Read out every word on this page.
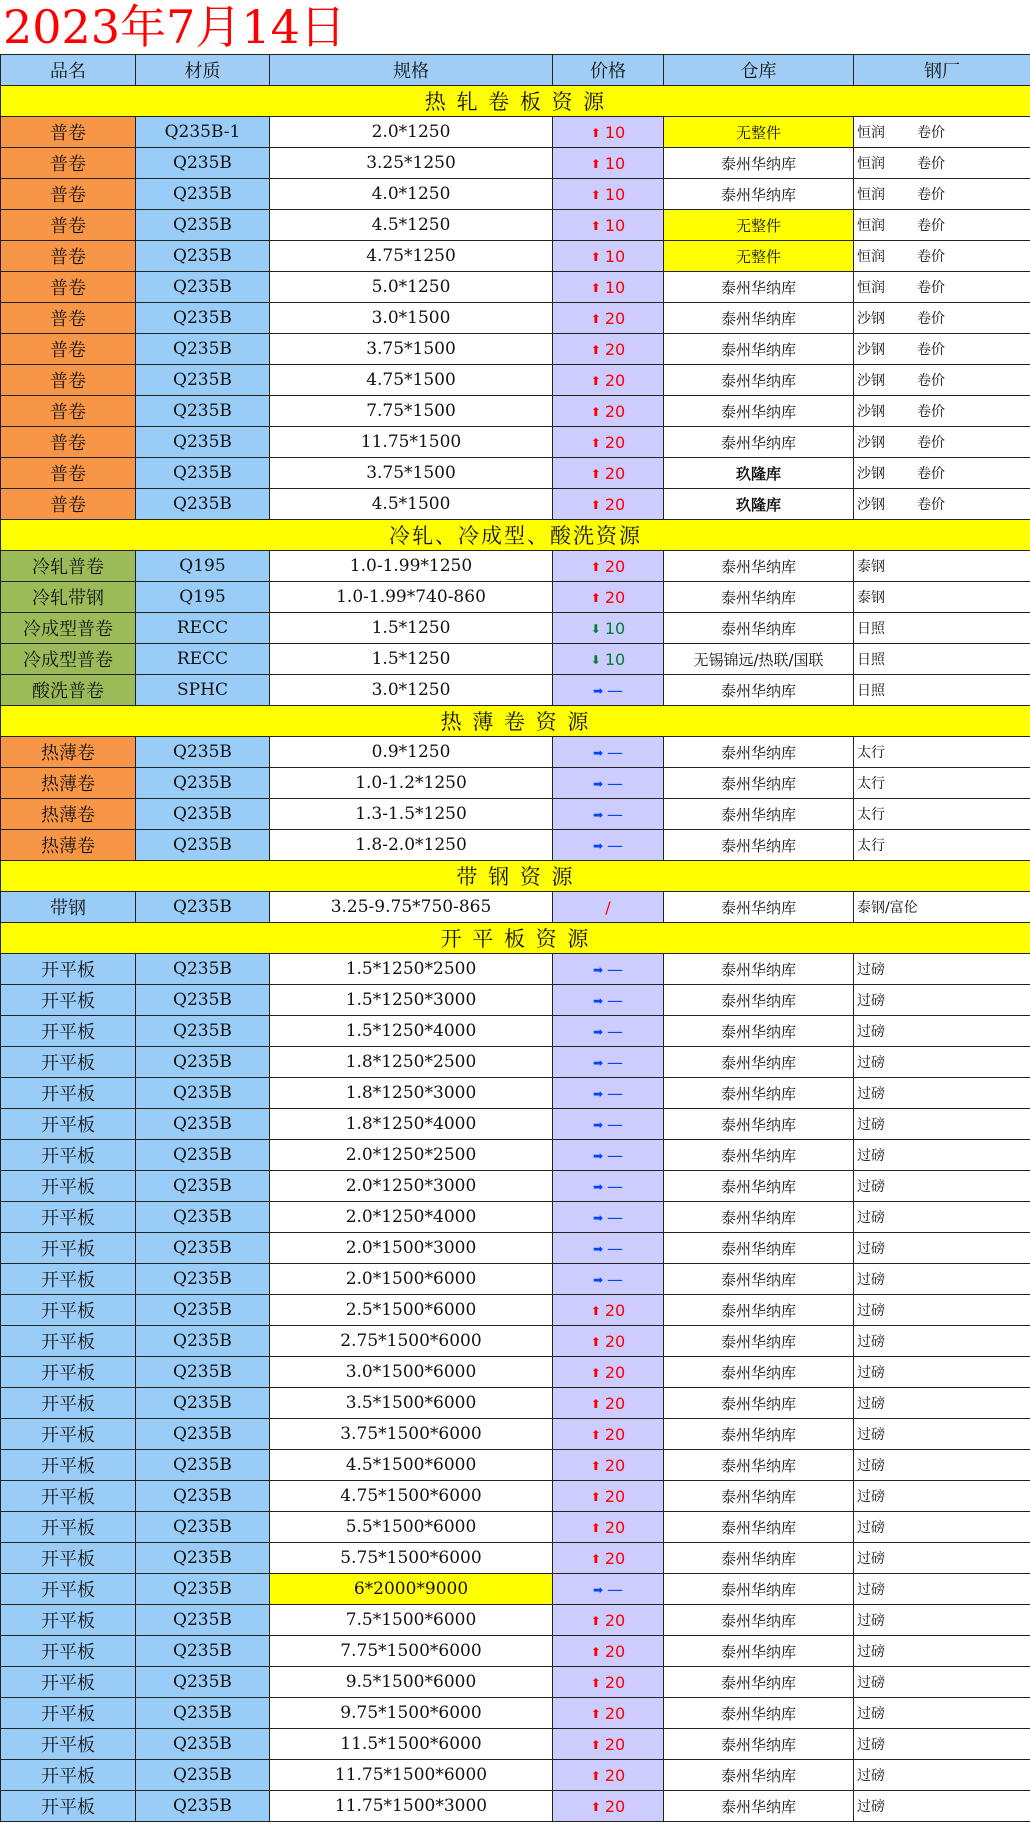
2023年7月14日
品名	材质	规格	价格	仓库	钢厂
热 轧 卷 板 资 源					
普卷	Q235B-1	2.0*1250	⬆ 10	无整件	恒润 卷价
普卷	Q235B	3.25*1250	⬆ 10	泰州华纳库	恒润 卷价
普卷	Q235B	4.0*1250	⬆ 10	泰州华纳库	恒润 卷价
普卷	Q235B	4.5*1250	⬆ 10	无整件	恒润 卷价
普卷	Q235B	4.75*1250	⬆ 10	无整件	恒润 卷价
普卷	Q235B	5.0*1250	⬆ 10	泰州华纳库	恒润 卷价
普卷	Q235B	3.0*1500	⬆ 20	泰州华纳库	沙钢 卷价
普卷	Q235B	3.75*1500	⬆ 20	泰州华纳库	沙钢 卷价
普卷	Q235B	4.75*1500	⬆ 20	泰州华纳库	沙钢 卷价
普卷	Q235B	7.75*1500	⬆ 20	泰州华纳库	沙钢 卷价
普卷	Q235B	11.75*1500	⬆ 20	泰州华纳库	沙钢 卷价
普卷	Q235B	3.75*1500	⬆ 20	玖隆库	沙钢 卷价
普卷	Q235B	4.5*1500	⬆ 20	玖隆库	沙钢 卷价
冷轧、冷成型、酸洗资源					
冷轧普卷	Q195	1.0-1.99*1250	⬆ 20	泰州华纳库	泰钢
冷轧带钢	Q195	1.0-1.99*740-860	⬆ 20	泰州华纳库	泰钢
冷成型普卷	RECC	1.5*1250	⬇ 10	泰州华纳库	日照
冷成型普卷	RECC	1.5*1250	⬇ 10	无锡锦远/热联/国联	日照
酸洗普卷	SPHC	3.0*1250	➡ —	泰州华纳库	日照
热 薄 卷 资 源					
热薄卷	Q235B	0.9*1250	➡ —	泰州华纳库	太行
热薄卷	Q235B	1.0-1.2*1250	➡ —	泰州华纳库	太行
热薄卷	Q235B	1.3-1.5*1250	➡ —	泰州华纳库	太行
热薄卷	Q235B	1.8-2.0*1250	➡ —	泰州华纳库	太行
带 钢 资 源					
带钢	Q235B	3.25-9.75*750-865	/	泰州华纳库	泰钢/富伦
开 平 板 资 源					
开平板	Q235B	1.5*1250*2500	➡ —	泰州华纳库	过磅
开平板	Q235B	1.5*1250*3000	➡ —	泰州华纳库	过磅
开平板	Q235B	1.5*1250*4000	➡ —	泰州华纳库	过磅
开平板	Q235B	1.8*1250*2500	➡ —	泰州华纳库	过磅
开平板	Q235B	1.8*1250*3000	➡ —	泰州华纳库	过磅
开平板	Q235B	1.8*1250*4000	➡ —	泰州华纳库	过磅
开平板	Q235B	2.0*1250*2500	➡ —	泰州华纳库	过磅
开平板	Q235B	2.0*1250*3000	➡ —	泰州华纳库	过磅
开平板	Q235B	2.0*1250*4000	➡ —	泰州华纳库	过磅
开平板	Q235B	2.0*1500*3000	➡ —	泰州华纳库	过磅
开平板	Q235B	2.0*1500*6000	➡ —	泰州华纳库	过磅
开平板	Q235B	2.5*1500*6000	⬆ 20	泰州华纳库	过磅
开平板	Q235B	2.75*1500*6000	⬆ 20	泰州华纳库	过磅
开平板	Q235B	3.0*1500*6000	⬆ 20	泰州华纳库	过磅
开平板	Q235B	3.5*1500*6000	⬆ 20	泰州华纳库	过磅
开平板	Q235B	3.75*1500*6000	⬆ 20	泰州华纳库	过磅
开平板	Q235B	4.5*1500*6000	⬆ 20	泰州华纳库	过磅
开平板	Q235B	4.75*1500*6000	⬆ 20	泰州华纳库	过磅
开平板	Q235B	5.5*1500*6000	⬆ 20	泰州华纳库	过磅
开平板	Q235B	5.75*1500*6000	⬆ 20	泰州华纳库	过磅
开平板	Q235B	6*2000*9000	➡ —	泰州华纳库	过磅
开平板	Q235B	7.5*1500*6000	⬆ 20	泰州华纳库	过磅
开平板	Q235B	7.75*1500*6000	⬆ 20	泰州华纳库	过磅
开平板	Q235B	9.5*1500*6000	⬆ 20	泰州华纳库	过磅
开平板	Q235B	9.75*1500*6000	⬆ 20	泰州华纳库	过磅
开平板	Q235B	11.5*1500*6000	⬆ 20	泰州华纳库	过磅
开平板	Q235B	11.75*1500*6000	⬆ 20	泰州华纳库	过磅
开平板	Q235B	11.75*1500*3000	⬆ 20	泰州华纳库	过磅
